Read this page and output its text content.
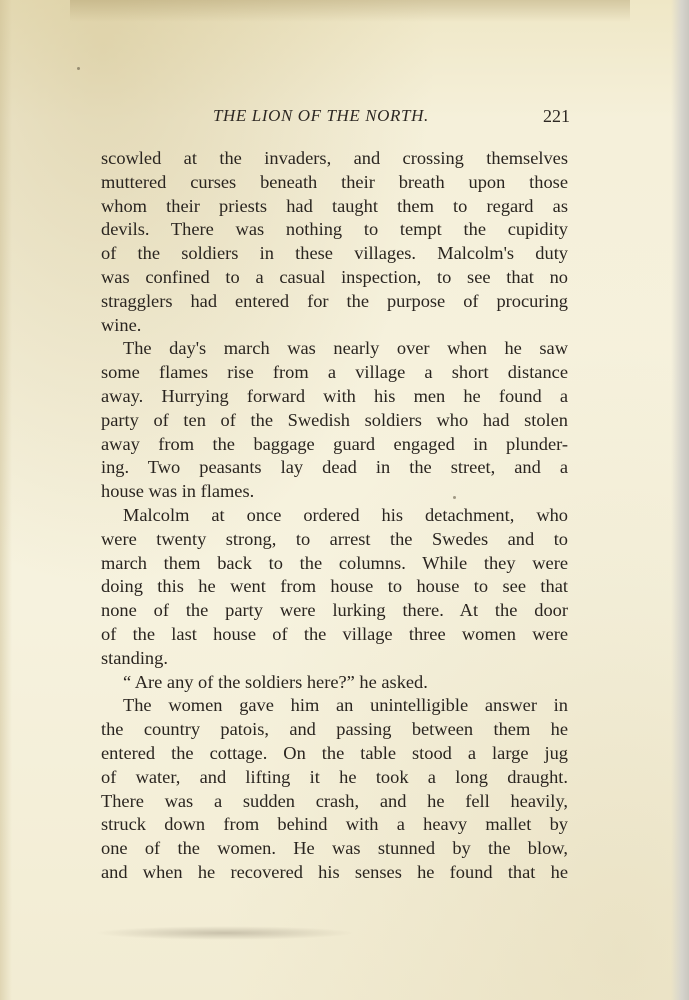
THE LION OF THE NORTH.	221
scowled at the invaders, and crossing themselves
muttered curses beneath their breath upon those
whom their priests had taught them to regard as
devils. There was nothing to tempt the cupidity
of the soldiers in these villages. Malcolm's duty
was confined to a casual inspection, to see that no
stragglers had entered for the purpose of procuring
wine.
The day's march was nearly over when he saw
some flames rise from a village a short distance
away. Hurrying forward with his men he found a
party of ten of the Swedish soldiers who had stolen
away from the baggage guard engaged in plunder-
ing. Two peasants lay dead in the street, and a
house was in flames.
Malcolm at once ordered his detachment, who
were twenty strong, to arrest the Swedes and to
march them back to the columns. While they were
doing this he went from house to house to see that
none of the party were lurking there. At the door
of the last house of the village three women were
standing.
“ Are any of the soldiers here?” he asked.
The women gave him an unintelligible answer in
the country patois, and passing between them he
entered the cottage. On the table stood a large jug
of water, and lifting it he took a long draught.
There was a sudden crash, and he fell heavily,
struck down from behind with a heavy mallet by
one of the women. He was stunned by the blow,
and when he recovered his senses he found that he
